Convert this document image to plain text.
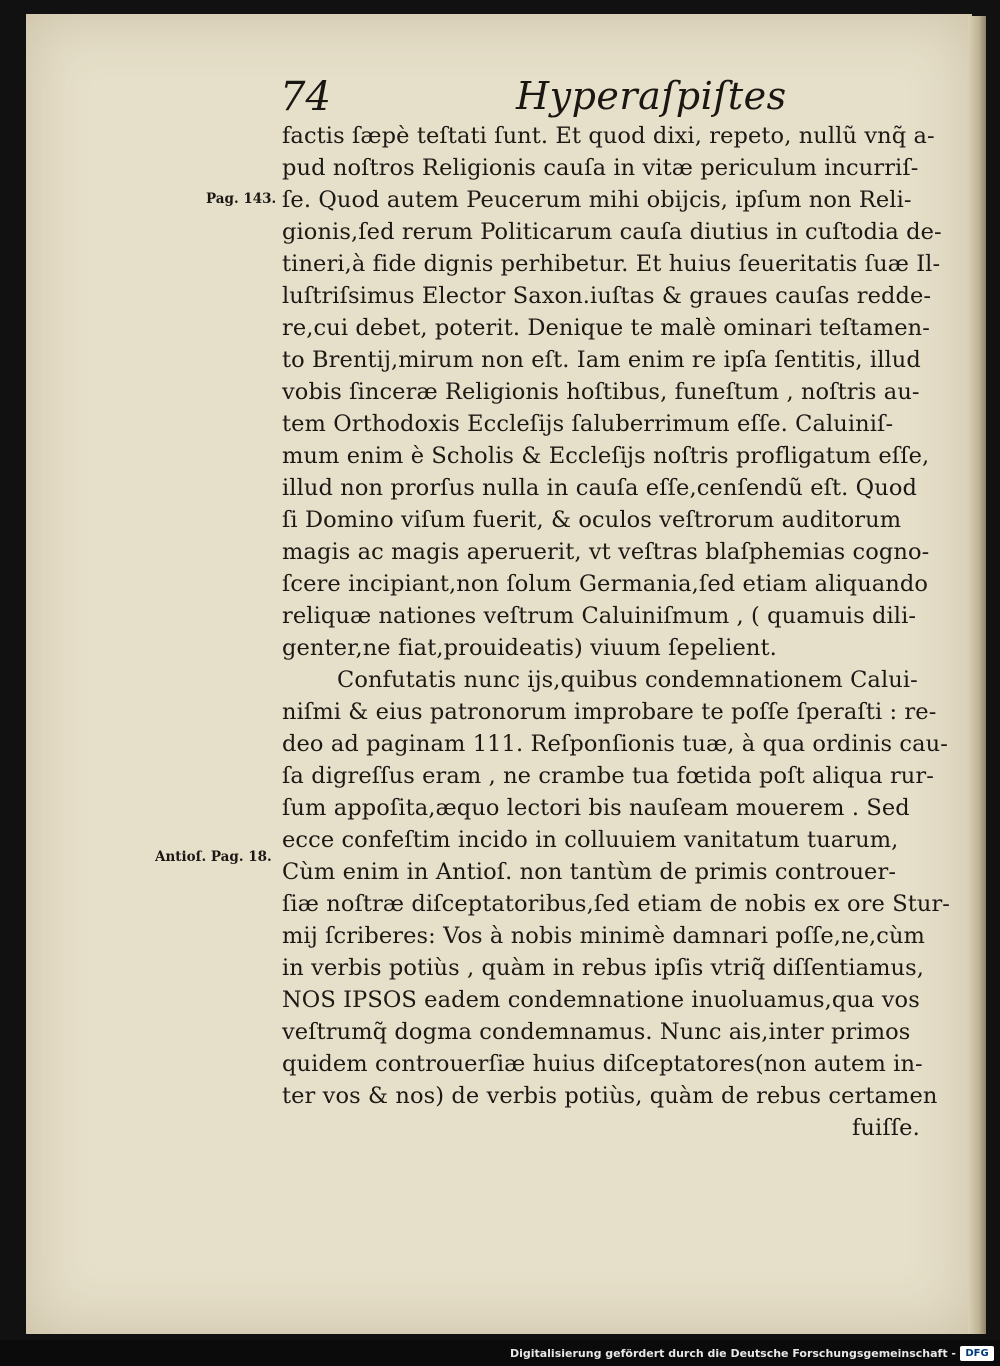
74	Hyperaſpiſtes
Pag. 143.
Antioſ. Pag. 18.
factis ſæpè teſtati ſunt. Et quod dixi, repeto, nullũ vnq̃ a-
pud noſtros Religionis cauſa in vitæ periculum incurriſ-
ſe. Quod autem Peucerum mihi obijcis, ipſum non Reli-
gionis,ſed rerum Politicarum cauſa diutius in cuſtodia de-
tineri,à fide dignis perhibetur. Et huius ſeueritatis ſuæ Il-
luſtriſsimus Elector Saxon.iuſtas & graues cauſas redde-
re,cui debet, poterit. Denique te malè ominari teſtamen-
to Brentij,mirum non eſt. Iam enim re ipſa ſentitis, illud
vobis ſinceræ Religionis hoſtibus, funeſtum , noſtris au-
tem Orthodoxis Eccleſijs ſaluberrimum eſſe. Caluiniſ-
mum enim è Scholis & Eccleſijs noſtris profligatum eſſe,
illud non prorſus nulla in cauſa eſſe,cenſendũ eſt. Quod
ſi Domino viſum fuerit, & oculos veſtrorum auditorum
magis ac magis aperuerit, vt veſtras blaſphemias cogno-
ſcere incipiant,non ſolum Germania,ſed etiam aliquando
reliquæ nationes veſtrum Caluiniſmum , ( quamuis dili-
genter,ne fiat,prouideatis) viuum ſepelient.
Confutatis nunc ijs,quibus condemnationem Calui-
niſmi & eius patronorum improbare te poſſe ſperaſti : re-
deo ad paginam 111. Reſponſionis tuæ, à qua ordinis cau-
ſa digreſſus eram , ne crambe tua fœtida poſt aliqua rur-
ſum appoſita,æquo lectori bis nauſeam mouerem . Sed
ecce confeſtim incido in colluuiem vanitatum tuarum,
Cùm enim in Antioſ. non tantùm de primis controuer-
ſiæ noſtræ diſceptatoribus,ſed etiam de nobis ex ore Stur-
mij ſcriberes: Vos à nobis minimè damnari poſſe,ne,cùm
in verbis potiùs , quàm in rebus ipſis vtriq̃ diſſentiamus,
NOS IPSOS eadem condemnatione inuoluamus,qua vos
veſtrumq̃ dogma condemnamus. Nunc ais,inter primos
quidem controuerſiæ huius diſceptatores(non autem in-
ter vos & nos) de verbis potiùs, quàm de rebus certamen
fuiſſe.
Digitalisierung gefördert durch die Deutsche Forschungsgemeinschaft - DFG
